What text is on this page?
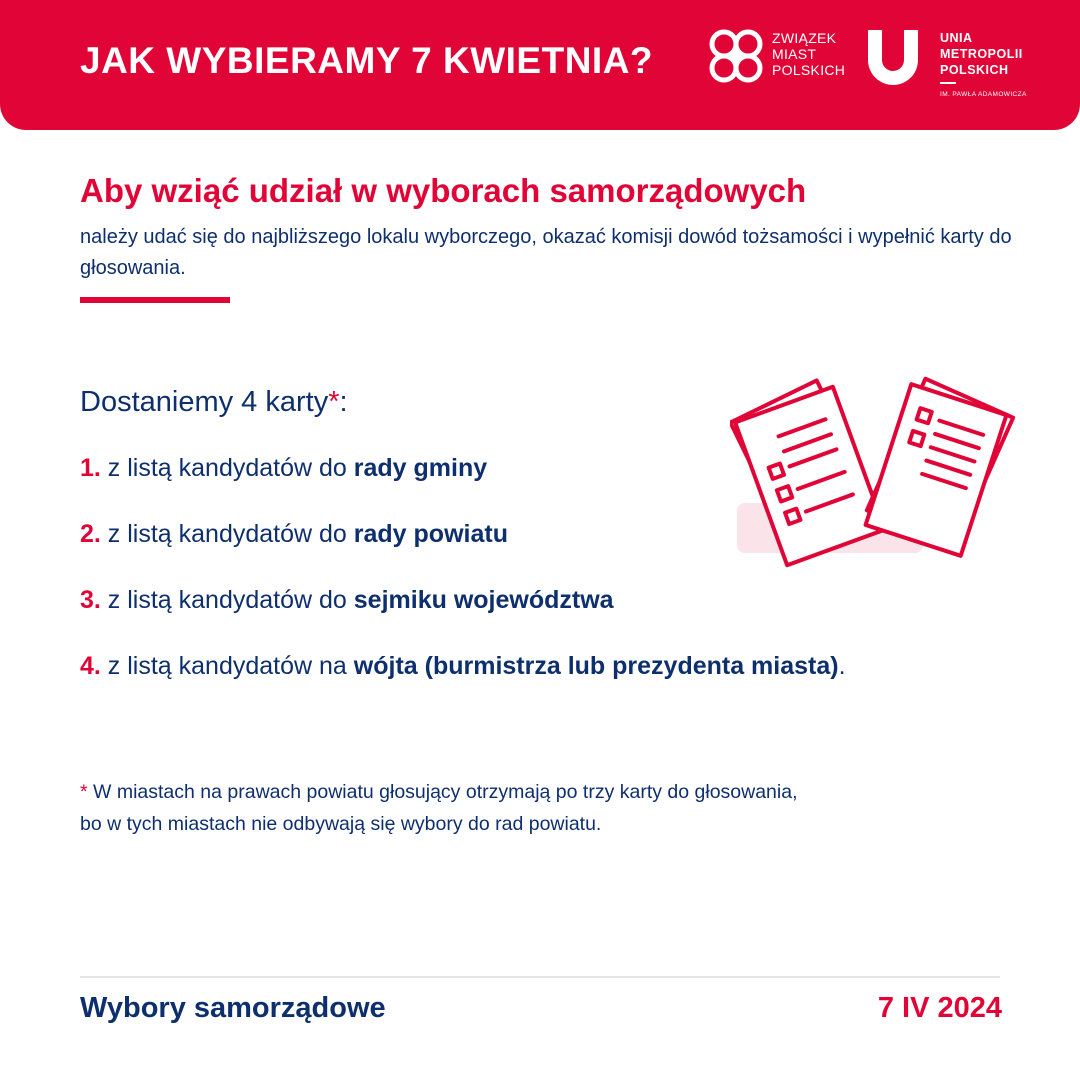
JAK WYBIERAMY 7 KWIETNIA?
ZWIĄZEK
MIAST
POLSKICH
UNIA
METROPOLII
POLSKICH
IM. PAWŁA ADAMOWICZA
Aby wziąć udział w wyborach samorządowych
należy udać się do najbliższego lokalu wyborczego, okazać komisji dowód tożsamości i wypełnić karty do głosowania.
Dostaniemy 4 karty*:
1. z listą kandydatów do rady gminy
2. z listą kandydatów do rady powiatu
3. z listą kandydatów do sejmiku województwa
4. z listą kandydatów na wójta (burmistrza lub prezydenta miasta).
* W miastach na prawach powiatu głosujący otrzymają po trzy karty do głosowania,
bo w tych miastach nie odbywają się wybory do rad powiatu.
Wybory samorządowe	7 IV 2024
